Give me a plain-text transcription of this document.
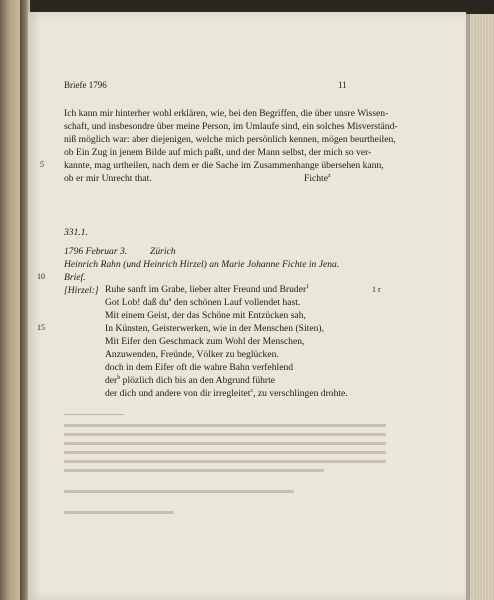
Briefe 1796	11
Ich kann mir hinterher wohl erklären, wie, bei den Begriffen, die über unsre Wissen-
schaft, und insbesondre über meine Person, im Umlaufe sind, ein solches Misverständ-
niß möglich war: aber diejenigen, welche mich persönlich kennen, mögen beurtheilen,
ob Ein Zug in jenem Bilde auf mich paßt, und der Mann selbst, der mich so ver-
5 kannte, mag urtheilen, nach dem er die Sache im Zusammenhange übersehen kann,
ob er mir Unrecht that.	Fichte$^z$
331.1.
1796 Februar 3. Zürich
Heinrich Rahn (und Heinrich Hirzel) an Marie Johanne Fichte in Jena.
10 Brief.
[Hirzel:]	1 r
Ruhe sanft im Grabe, lieber alter Freund und Bruder$^1$
Got Lob! daß $du^a$ den schönen Lauf vollendet hast.
Mit einem Geist, der das Schöne mit Entzücken sah,
In Künsten, Geisterwerken, wie in der Menschen (Siten),
15
Mit Eifer den Geschmack zum Wohl der Menschen,
Anzuwenden, Freünde, Völker zu beglücken.
doch in dem Eifer oft die wahre Bahn verfehlend
der$^b$ plözlich dich bis an den Abgrund führte
der dich und andere von dir irregleitet$^c$, zu verschlingen drohte.
